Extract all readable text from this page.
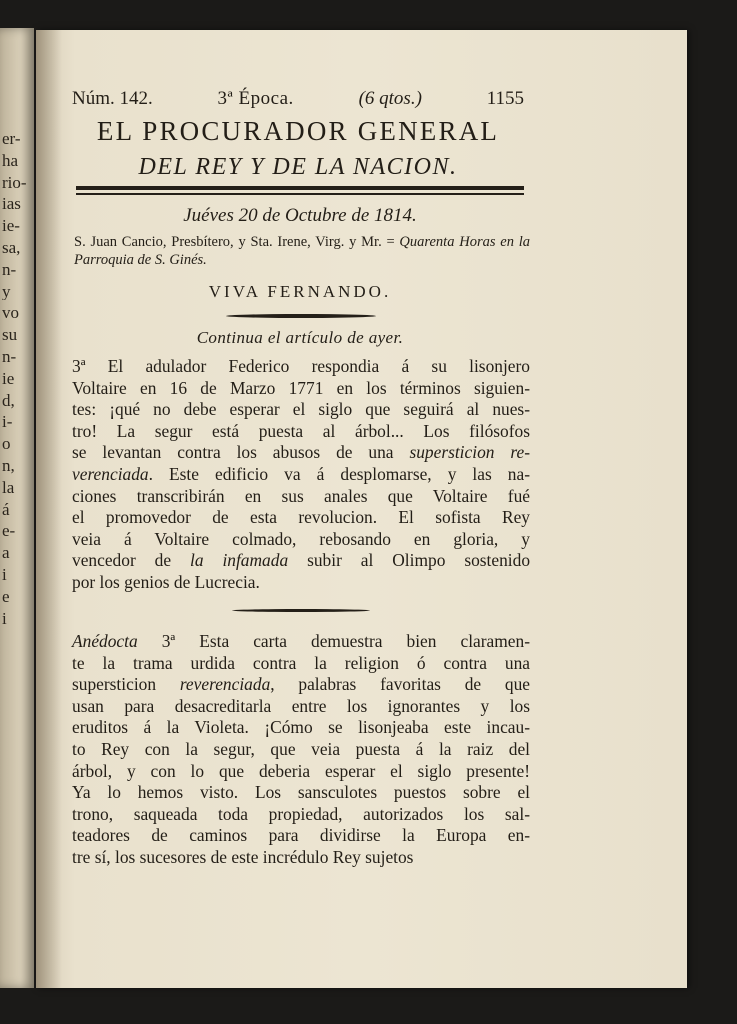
er-
ha
rio-
ias
ie-
sa,
n-
y
vo
su
n-
ie
d,
i-
o
n,
la
á
e-
a
i
e
i
Núm. 142.	3ª Época.	(6 qtos.)	1155
EL PROCURADOR GENERAL
DEL REY Y DE LA NACION.
Juéves 20 de Octubre de 1814.
S. Juan Cancio, Presbítero, y Sta. Irene, Virg. y Mr. = Quarenta Horas en la Parroquia de S. Ginés.
VIVA FERNANDO.
Continua el artículo de ayer.
3ª El adulador Federico respondia á su lisonjero
Voltaire en 16 de Marzo 1771 en los términos siguien-
tes: ¡qué no debe esperar el siglo que seguirá al nues-
tro! La segur está puesta al árbol... Los filósofos
se levantan contra los abusos de una supersticion re-
verenciada. Este edificio va á desplomarse, y las na-
ciones transcribirán en sus anales que Voltaire fué
el promovedor de esta revolucion. El sofista Rey
veia á Voltaire colmado, rebosando en gloria, y
vencedor de la infamada subir al Olimpo sostenido
por los genios de Lucrecia.
Anédocta 3ª Esta carta demuestra bien claramen-
te la trama urdida contra la religion ó contra una
supersticion reverenciada, palabras favoritas de que
usan para desacreditarla entre los ignorantes y los
eruditos á la Violeta. ¡Cómo se lisonjeaba este incau-
to Rey con la segur, que veia puesta á la raiz del
árbol, y con lo que deberia esperar el siglo presente!
Ya lo hemos visto. Los sansculotes puestos sobre el
trono, saqueada toda propiedad, autorizados los sal-
teadores de caminos para dividirse la Europa en-
tre sí, los sucesores de este incrédulo Rey sujetos
